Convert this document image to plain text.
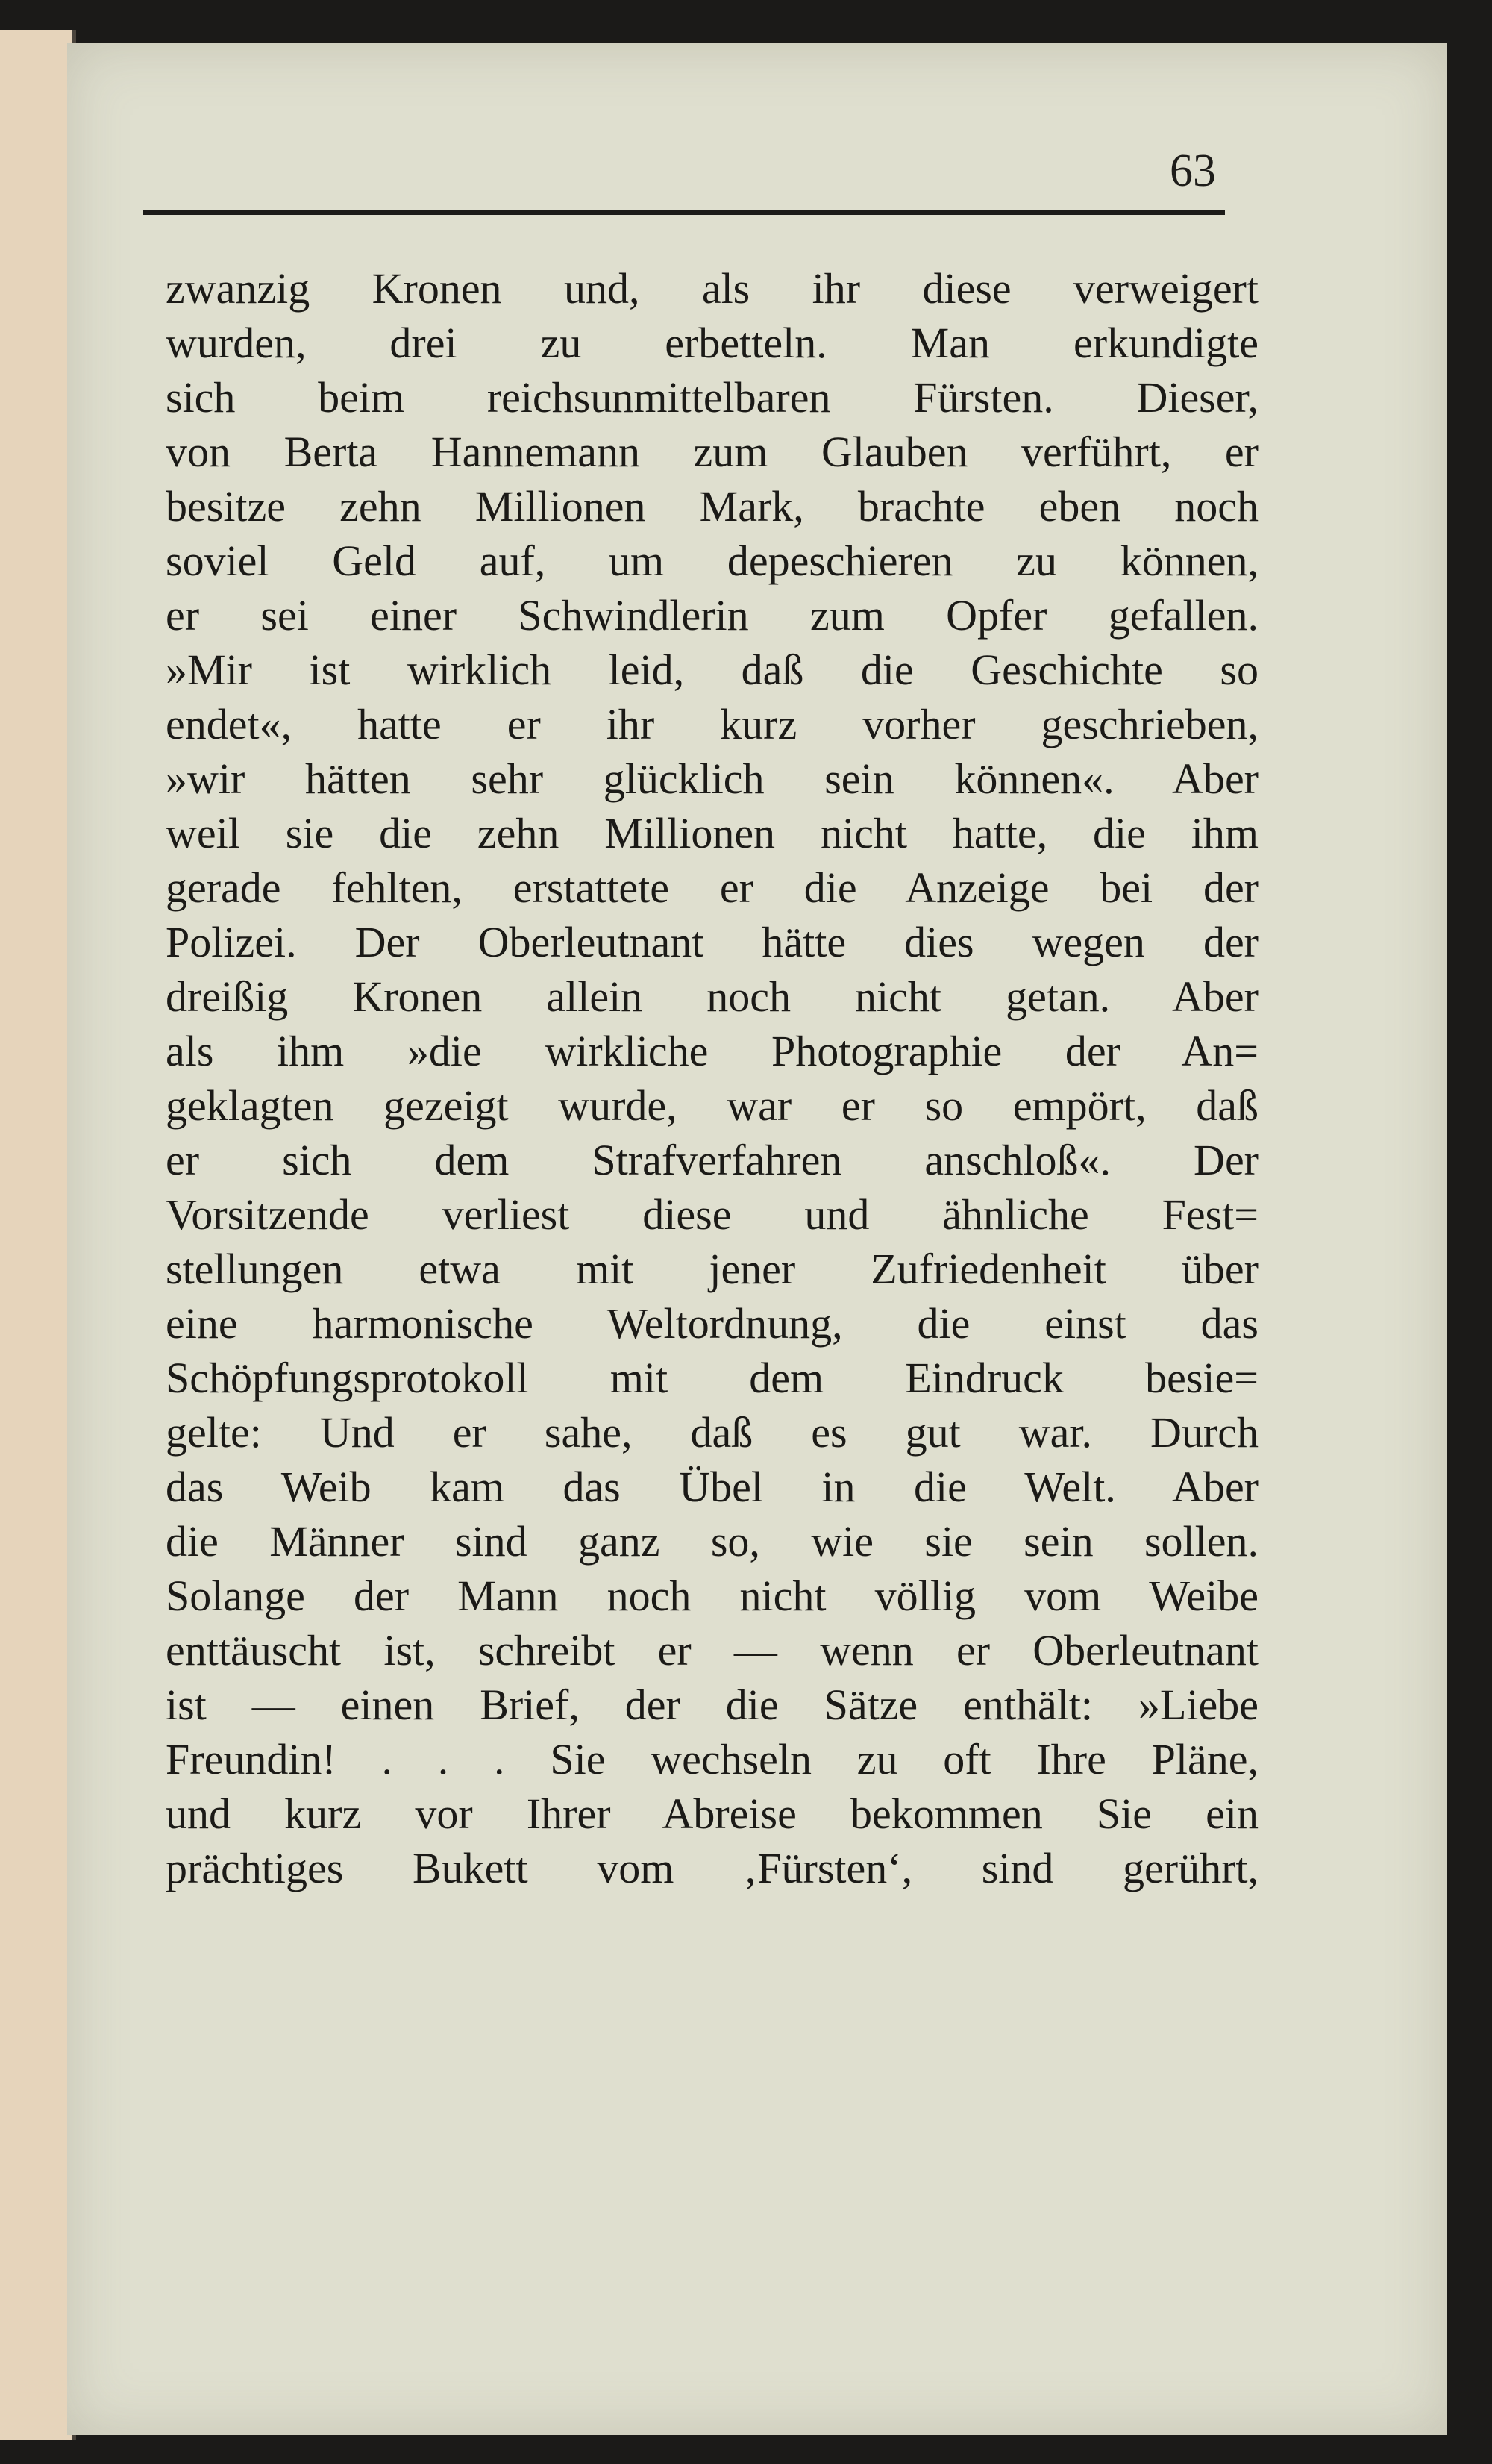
63
zwanzig Kronen und, als ihr diese verweigert
wurden, drei zu erbetteln. Man erkundigte
sich beim reichsunmittelbaren Fürsten. Dieser,
von Berta Hannemann zum Glauben verführt, er
besitze zehn Millionen Mark, brachte eben noch
soviel Geld auf, um depeschieren zu können,
er sei einer Schwindlerin zum Opfer gefallen.
»Mir ist wirklich leid, daß die Geschichte so
endet«, hatte er ihr kurz vorher geschrieben,
»wir hätten sehr glücklich sein können«. Aber
weil sie die zehn Millionen nicht hatte, die ihm
gerade fehlten, erstattete er die Anzeige bei der
Polizei. Der Oberleutnant hätte dies wegen der
dreißig Kronen allein noch nicht getan. Aber
als ihm »die wirkliche Photographie der An=
geklagten gezeigt wurde, war er so empört, daß
er sich dem Strafverfahren anschloß«. Der
Vorsitzende verliest diese und ähnliche Fest=
stellungen etwa mit jener Zufriedenheit über
eine harmonische Weltordnung, die einst das
Schöpfungsprotokoll mit dem Eindruck besie=
gelte: Und er sahe, daß es gut war. Durch
das Weib kam das Übel in die Welt. Aber
die Männer sind ganz so, wie sie sein sollen.
Solange der Mann noch nicht völlig vom Weibe
enttäuscht ist, schreibt er — wenn er Oberleutnant
ist — einen Brief, der die Sätze enthält: »Liebe
Freundin! . . . Sie wechseln zu oft Ihre Pläne,
und kurz vor Ihrer Abreise bekommen Sie ein
prächtiges Bukett vom ‚Fürsten‘, sind gerührt,
